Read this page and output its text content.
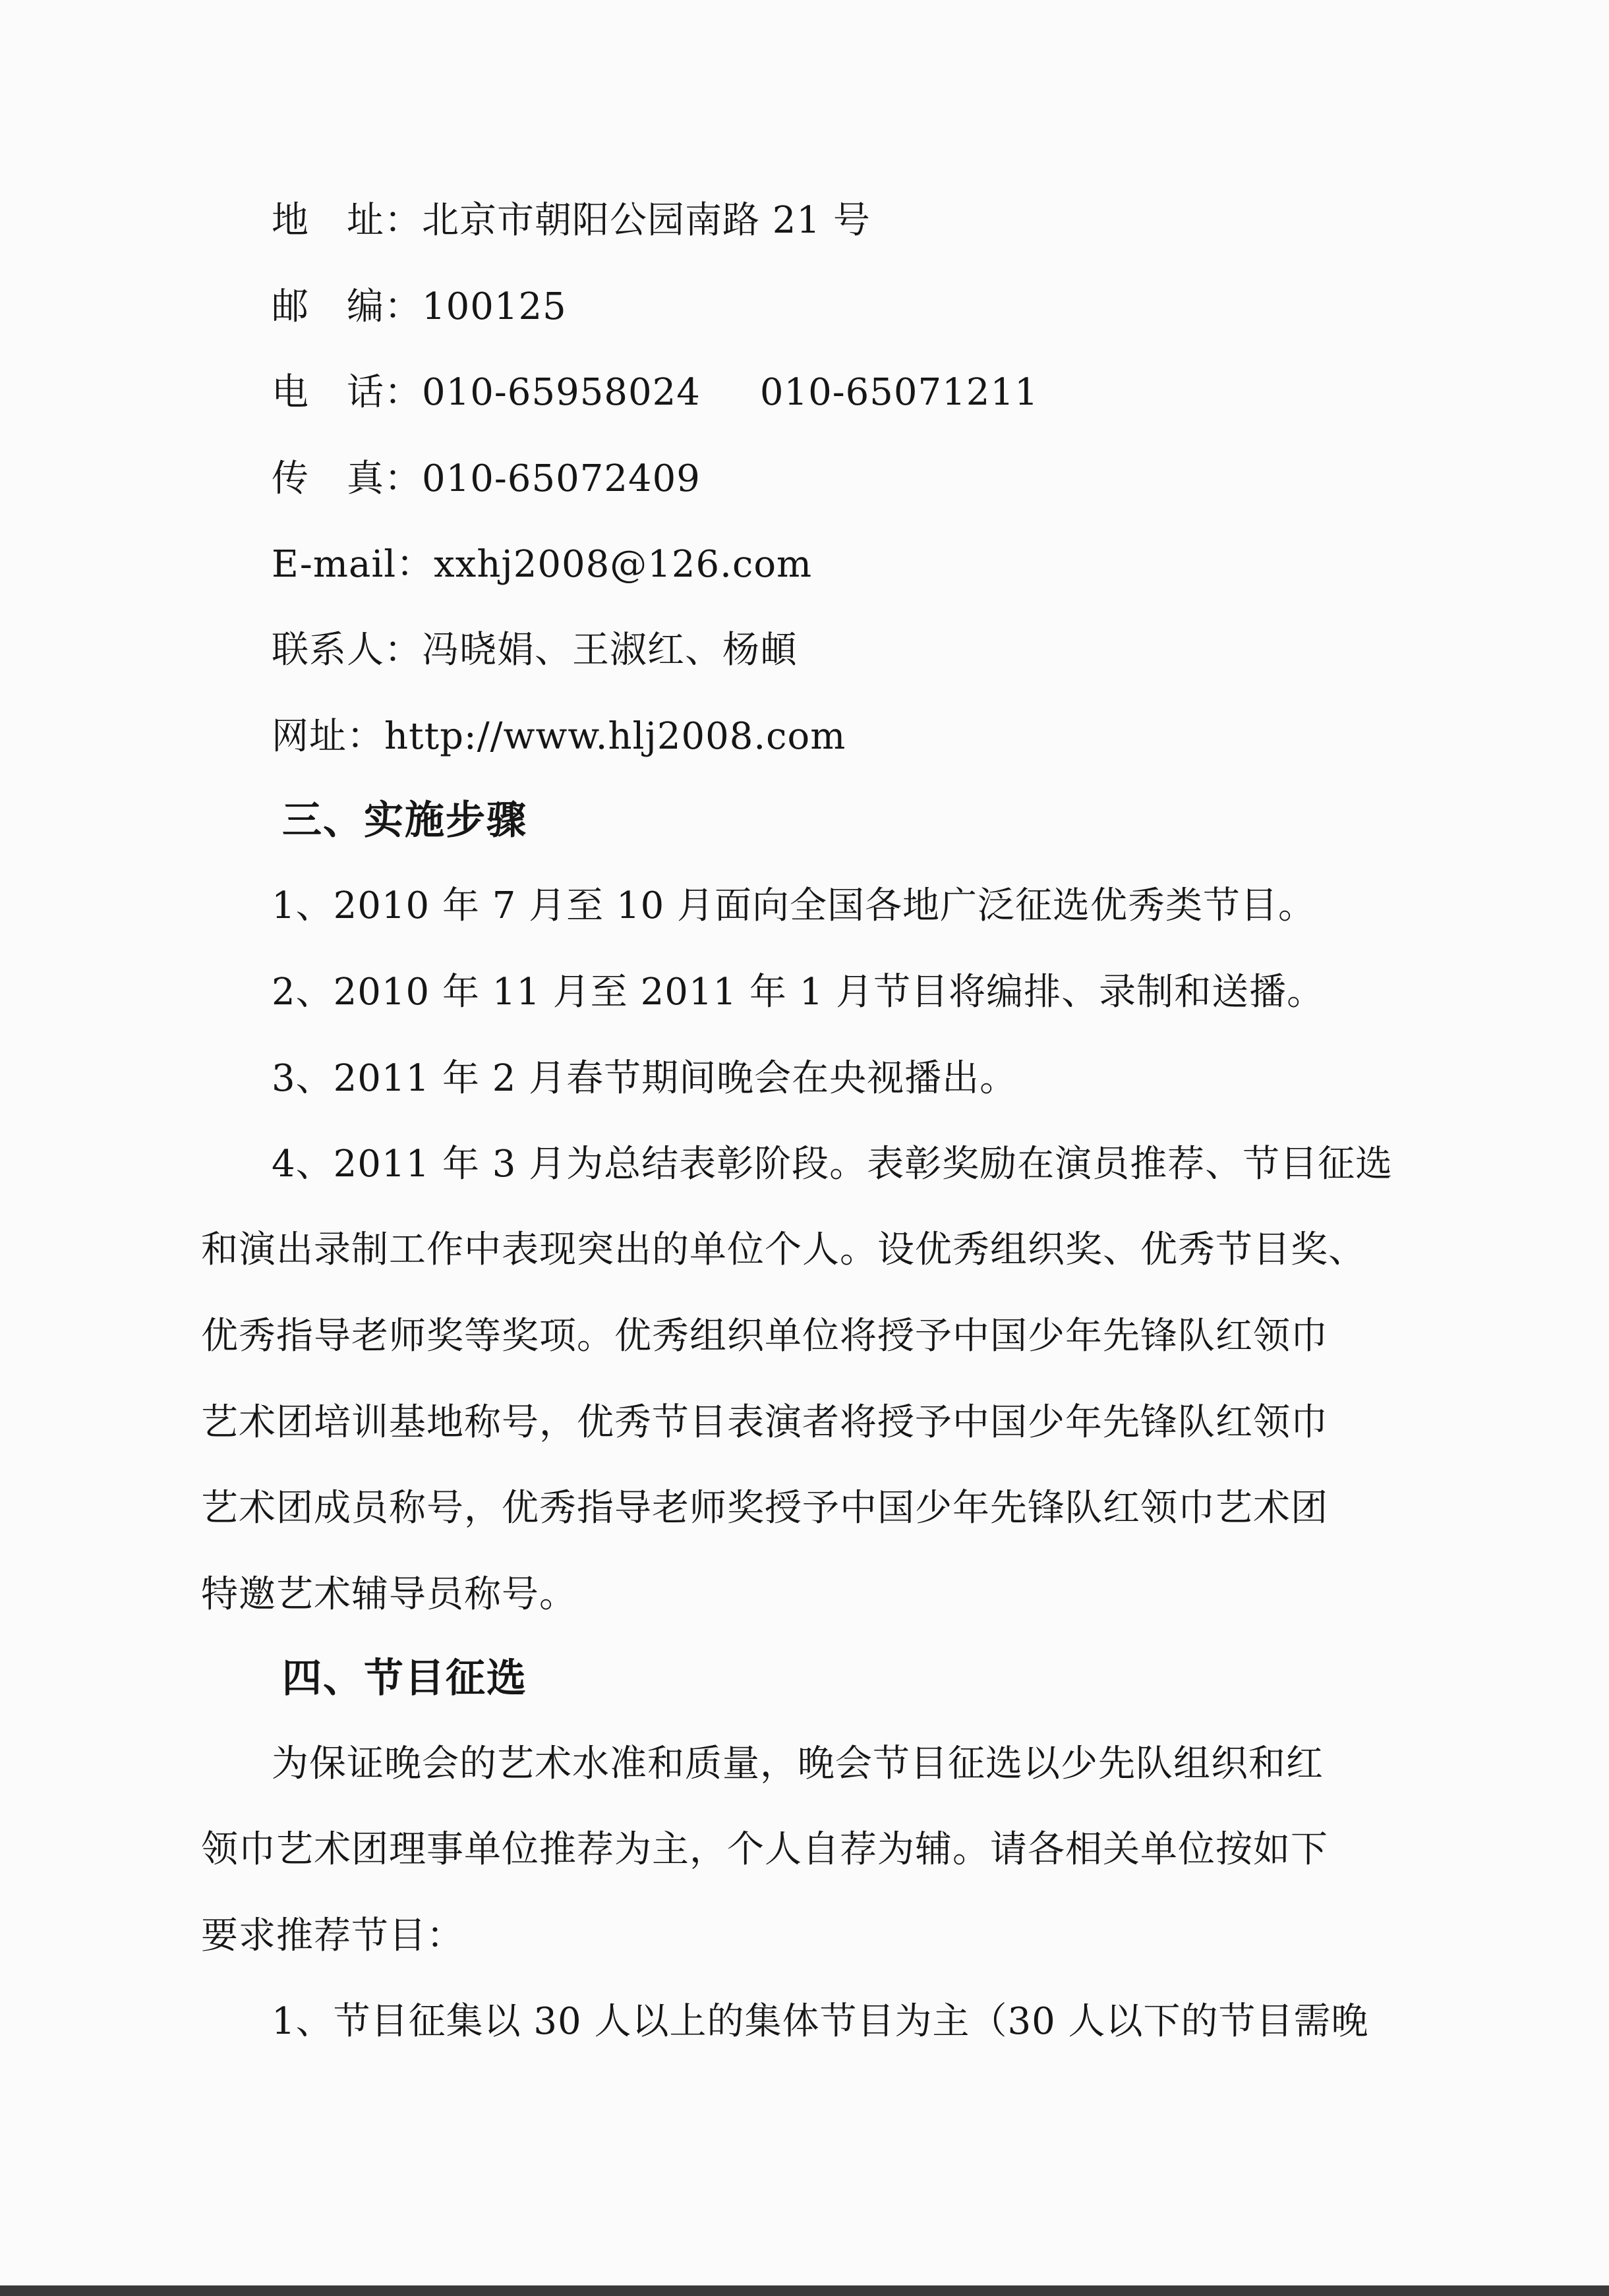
地　址：北京市朝阳公园南路 21 号
邮　编：100125
电　话：010-65958024 010-65071211
传　真：010-65072409
E-mail：xxhj2008@126.com
联系人：冯晓娟、王淑红、杨頔
网址：http://www.hlj2008.com
三、实施步骤
1、2010 年 7 月至 10 月面向全国各地广泛征选优秀类节目。
2、2010 年 11 月至 2011 年 1 月节目将编排、录制和送播。
3、2011 年 2 月春节期间晚会在央视播出。
4、2011 年 3 月为总结表彰阶段。表彰奖励在演员推荐、节目征选
和演出录制工作中表现突出的单位个人。设优秀组织奖、优秀节目奖、
优秀指导老师奖等奖项。优秀组织单位将授予中国少年先锋队红领巾
艺术团培训基地称号，优秀节目表演者将授予中国少年先锋队红领巾
艺术团成员称号，优秀指导老师奖授予中国少年先锋队红领巾艺术团
特邀艺术辅导员称号。
四、节目征选
为保证晚会的艺术水准和质量，晚会节目征选以少先队组织和红
领巾艺术团理事单位推荐为主，个人自荐为辅。请各相关单位按如下
要求推荐节目：
1、节目征集以 30 人以上的集体节目为主（30 人以下的节目需晚
